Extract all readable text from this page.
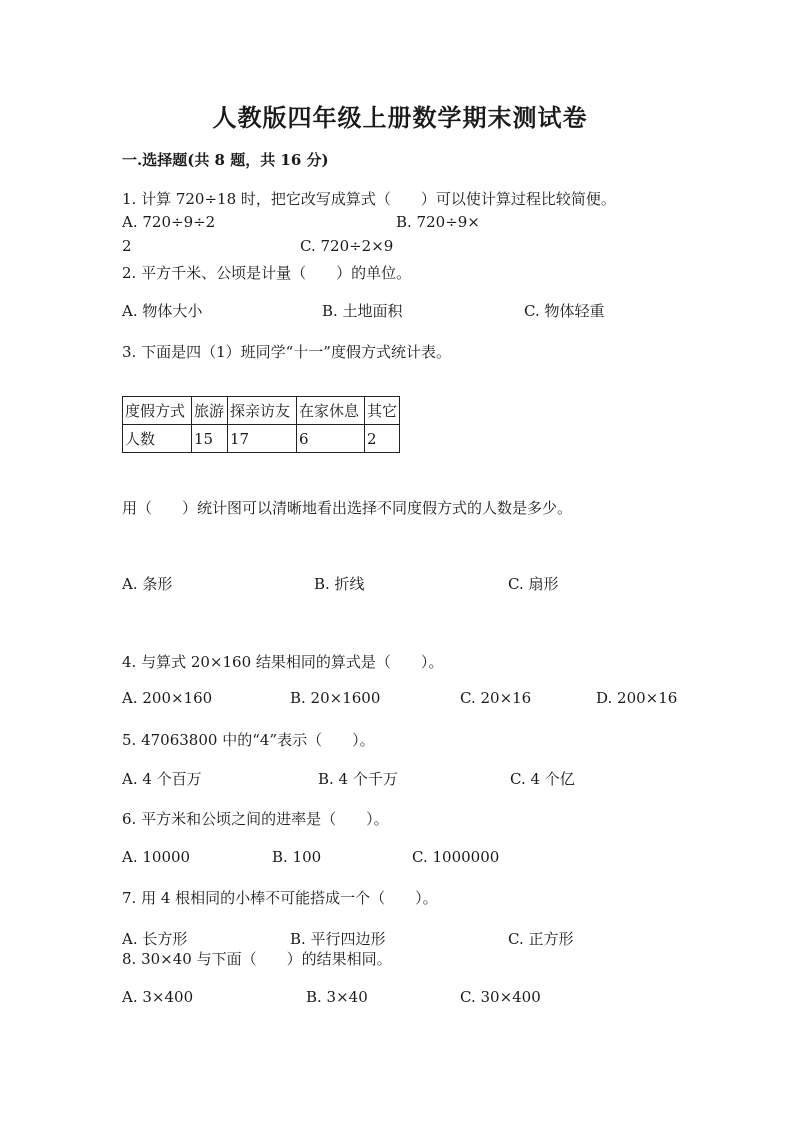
人教版四年级上册数学期末测试卷
一.选择题(共 8 题，共 16 分)
1. 计算 720÷18 时，把它改写成算式（　　）可以使计算过程比较简便。
A. 720÷9÷2	B. 720÷9×
2	C. 720÷2×9
2. 平方千米、公顷是计量（　　）的单位。
A. 物体大小	B. 土地面积	C. 物体轻重
3. 下面是四（1）班同学“十一”度假方式统计表。
度假方式	旅游	探亲访友	在家休息	其它
人数	15	17	6	2
用（　　）统计图可以清晰地看出选择不同度假方式的人数是多少。
A. 条形	B. 折线	C. 扇形
4. 与算式 20×160 结果相同的算式是（　　）。
A. 200×160	B. 20×1600	C. 20×16	D. 200×16
5. 47063800 中的“4”表示（　　）。
A. 4 个百万	B. 4 个千万	C. 4 个亿
6. 平方米和公顷之间的进率是（　　）。
A. 10000	B. 100	C. 1000000
7. 用 4 根相同的小棒不可能搭成一个（　　）。
A. 长方形	B. 平行四边形	C. 正方形
8. 30×40 与下面（　　）的结果相同。
A. 3×400	B. 3×40	C. 30×400
